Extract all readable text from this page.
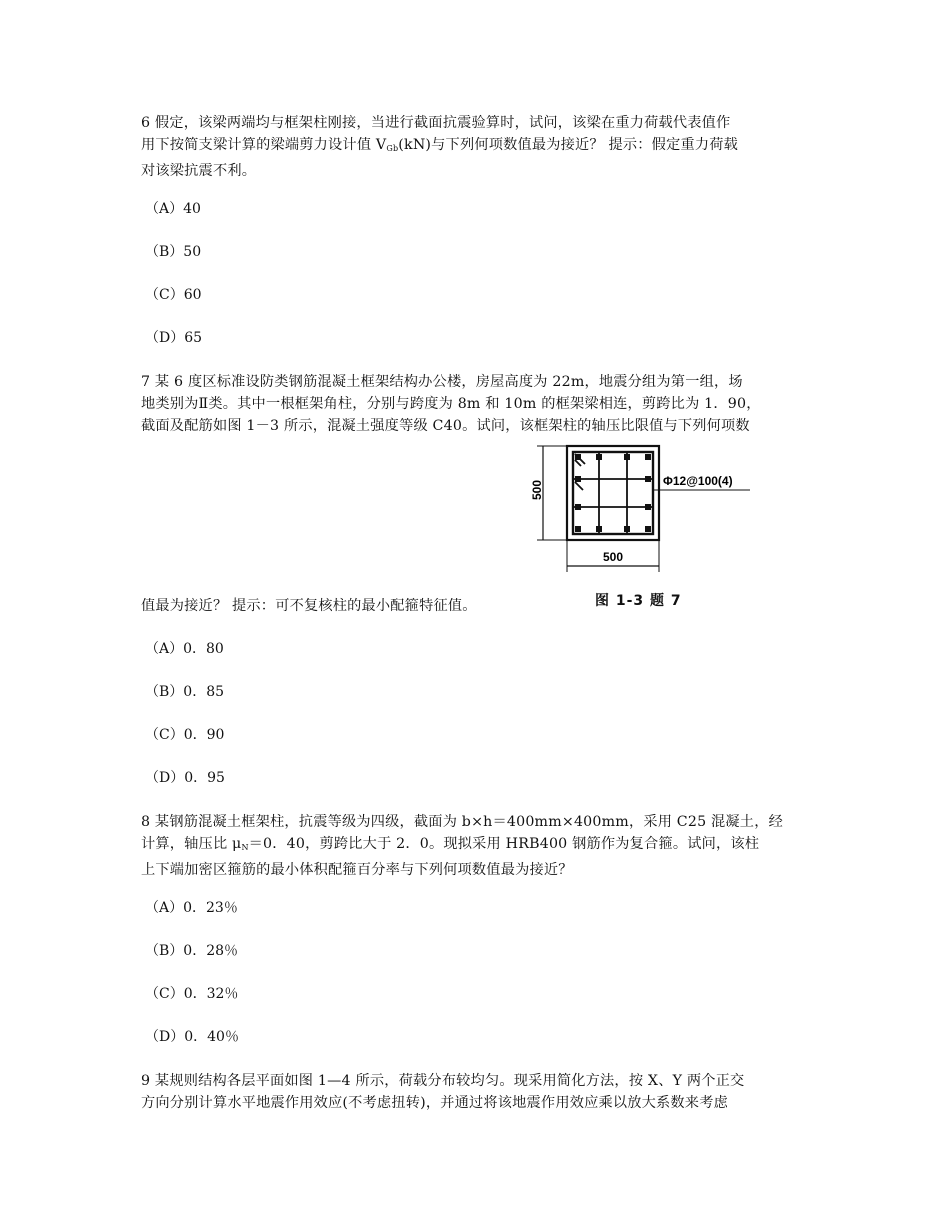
6 假定，该梁两端均与框架柱刚接，当进行截面抗震验算时，试问，该梁在重力荷载代表值作
用下按简支梁计算的梁端剪力设计值 $V_{Gb}(kN)$与下列何项数值最为接近？ 提示：假定重力荷载
对该梁抗震不利。

（A）40

（B）50

（C）60

（D）65

7 某 6 度区标准设防类钢筋混凝土框架结构办公楼，房屋高度为 22m，地震分组为第一组，场
地类别为Ⅱ类。其中一根框架角柱，分别与跨度为 8m 和 10m 的框架梁相连，剪跨比为 1．90，
截面及配筋如图 1－3 所示，混凝土强度等级 C40。试问，该框架柱的轴压比限值与下列何项数

500	Φ12@100(4)
500
图 1-3 题 7

值最为接近？ 提示：可不复核柱的最小配箍特征值。

（A）0．80

（B）0．85

（C）0．90

（D）0．95

8 某钢筋混凝土框架柱，抗震等级为四级，截面为 b×h＝400mm×400mm，采用 C25 混凝土，经
计算，轴压比 $\mu_N=0$．40，剪跨比大于 2．0。现拟采用 HRB400 钢筋作为复合箍。试问，该柱
上下端加密区箍筋的最小体积配箍百分率与下列何项数值最为接近？

（A）0．23％

（B）0．28％

（C）0．32％

（D）0．40％

9 某规则结构各层平面如图 1—4 所示，荷载分布较均匀。现采用简化方法，按 X、Y 两个正交
方向分别计算水平地震作用效应(不考虑扭转)，并通过将该地震作用效应乘以放大系数来考虑
